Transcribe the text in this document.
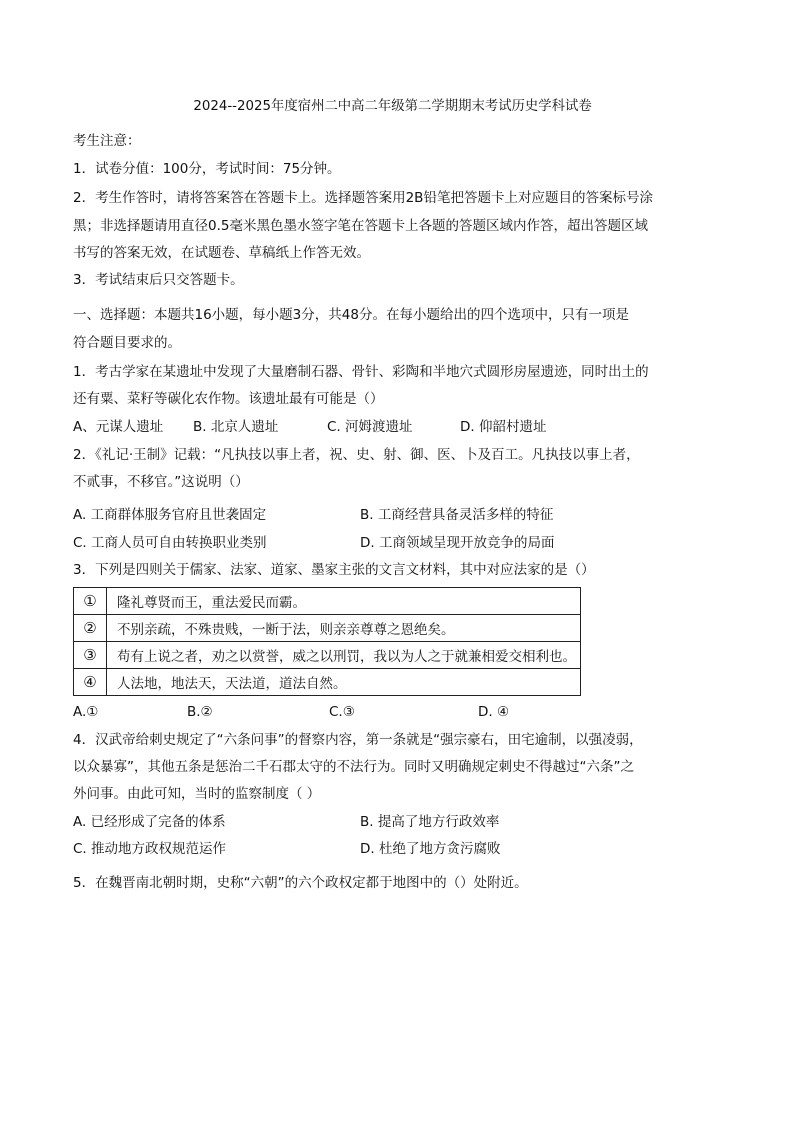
2024--2025年度宿州二中高二年级第二学期期末考试历史学科试卷
考生注意：
1．试卷分值：100分，考试时间：75分钟。
2．考生作答时，请将答案答在答题卡上。选择题答案用2B铅笔把答题卡上对应题目的答案标号涂
黑；非选择题请用直径0.5毫米黑色墨水签字笔在答题卡上各题的答题区域内作答，超出答题区域
书写的答案无效，在试题卷、草稿纸上作答无效。
3．考试结束后只交答题卡。
一、选择题：本题共16小题，每小题3分，共48分。在每小题给出的四个选项中，只有一项是
符合题目要求的。
1．考古学家在某遗址中发现了大量磨制石器、骨针、彩陶和半地穴式圆形房屋遗迹，同时出土的
还有粟、菜籽等碳化农作物。该遗址最有可能是（）
A、元谋人遗址 B. 北京人遗址	C. 河姆渡遗址	D. 仰韶村遗址
2．《礼记·王制》记载：“凡执技以事上者，祝、史、射、御、医、卜及百工。凡执技以事上者，
不贰事，不移官。”这说明（）
A. 工商群体服务官府且世袭固定	B. 工商经营具备灵活多样的特征
C. 工商人员可自由转换职业类别	D. 工商领域呈现开放竞争的局面
3．下列是四则关于儒家、法家、道家、墨家主张的文言文材料，其中对应法家的是（）
①	隆礼尊贤而王，重法爱民而霸。
②	不别亲疏，不殊贵贱，一断于法，则亲亲尊尊之恩绝矣。
③	苟有上说之者，劝之以赏誉，威之以刑罚，我以为人之于就兼相爱交相利也。
④	人法地，地法天，天法道，道法自然。
A.①	B.②	C.③	D. ④
4．汉武帝给刺史规定了“六条问事”的督察内容，第一条就是“强宗豪右，田宅逾制，以强凌弱，
以众暴寡”，其他五条是惩治二千石郡太守的不法行为。同时又明确规定刺史不得越过“六条”之
外问事。由此可知，当时的监察制度（ ）
A. 已经形成了完备的体系	B. 提高了地方行政效率
C. 推动地方政权规范运作	D. 杜绝了地方贪污腐败
5．在魏晋南北朝时期，史称“六朝”的六个政权定都于地图中的（）处附近。
